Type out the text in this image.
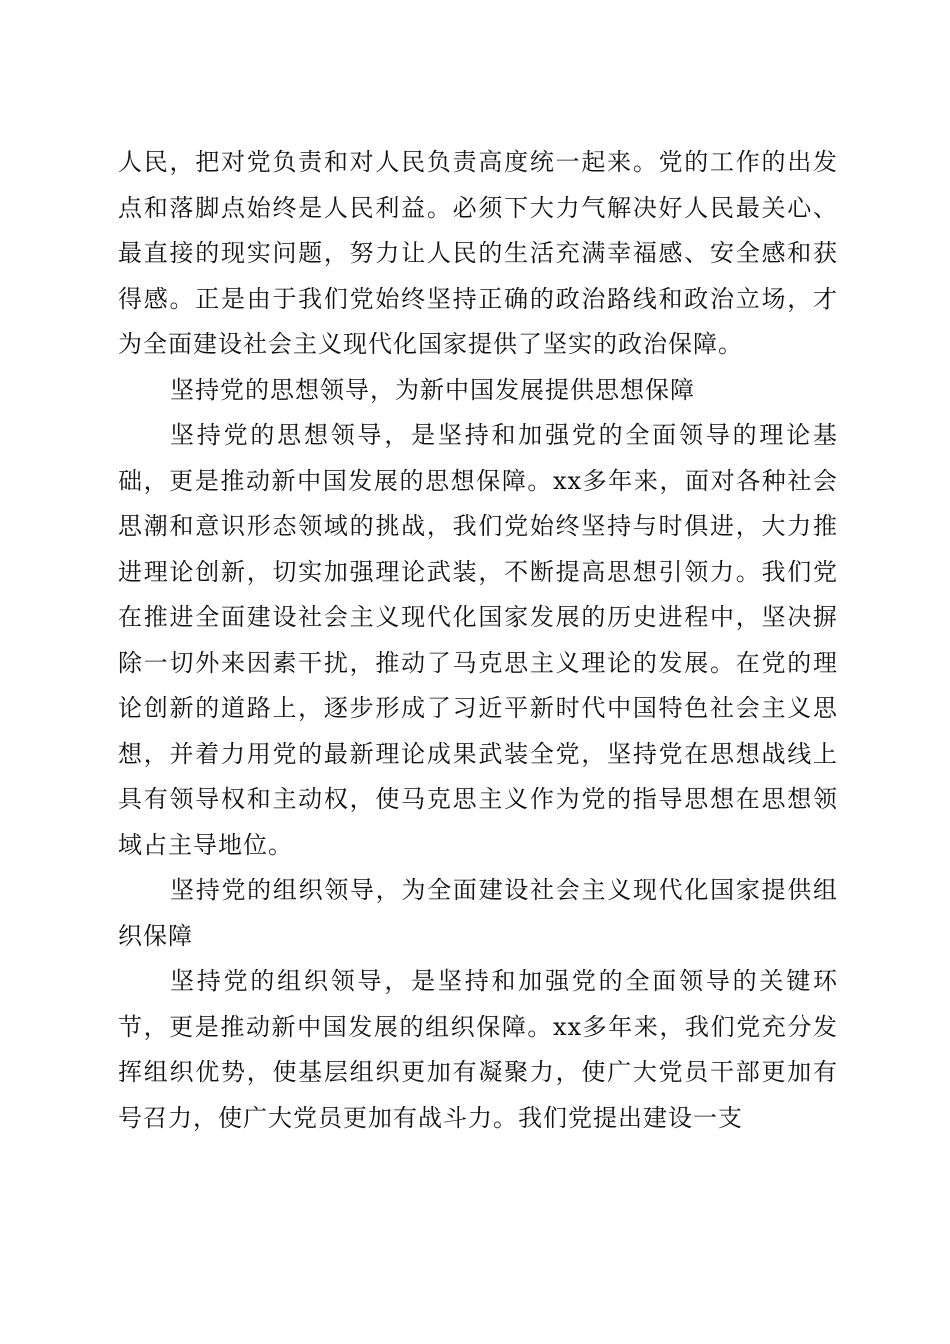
人民，把对党负责和对人民负责高度统一起来。党的工作的出发点和落脚点始终是人民利益。必须下大力气解决好人民最关心、最直接的现实问题，努力让人民的生活充满幸福感、安全感和获得感。正是由于我们党始终坚持正确的政治路线和政治立场，才为全面建设社会主义现代化国家提供了坚实的政治保障。

坚持党的思想领导，为新中国发展提供思想保障

坚持党的思想领导，是坚持和加强党的全面领导的理论基础，更是推动新中国发展的思想保障。xx多年来，面对各种社会思潮和意识形态领域的挑战，我们党始终坚持与时俱进，大力推进理论创新，切实加强理论武装，不断提高思想引领力。我们党在推进全面建设社会主义现代化国家发展的历史进程中，坚决摒除一切外来因素干扰，推动了马克思主义理论的发展。在党的理论创新的道路上，逐步形成了习近平新时代中国特色社会主义思想，并着力用党的最新理论成果武装全党，坚持党在思想战线上具有领导权和主动权，使马克思主义作为党的指导思想在思想领域占主导地位。

坚持党的组织领导，为全面建设社会主义现代化国家提供组织保障

坚持党的组织领导，是坚持和加强党的全面领导的关键环节，更是推动新中国发展的组织保障。xx多年来，我们党充分发挥组织优势，使基层组织更加有凝聚力，使广大党员干部更加有号召力，使广大党员更加有战斗力。我们党提出建设一支
